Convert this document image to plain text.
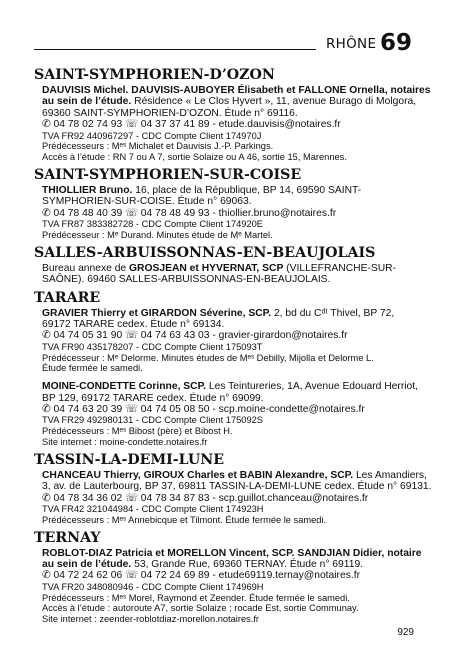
RHÔNE 69
SAINT-SYMPHORIEN-D’OZON
DAUVISIS Michel. DAUVISIS-AUBOYER Élisabeth et FALLONE Ornella, notaires
au sein de l’étude. Résidence « Le Clos Hyvert », 11, avenue Burago di Molgora,
69360 SAINT-SYMPHORIEN-D’OZON. Étude n° 69116.
✆ 04 78 02 74 93 ☏ 04 37 37 41 89 - etude.dauvisis@notaires.fr
TVA FR92 440967297 - CDC Compte Client 174970J
Prédécesseurs : Mᵉˢ Michalet et Dauvisis J.-P. Parkings.
Accès à l’étude : RN 7 ou A 7, sortie Solaize ou A 46, sortie 15, Marennes.
SAINT-SYMPHORIEN-SUR-COISE
THIOLLIER Bruno. 16, place de la République, BP 14, 69590 SAINT-
SYMPHORIEN-SUR-COISE. Étude n° 69063.
✆ 04 78 48 40 39 ☏ 04 78 48 49 93 - thiollier.bruno@notaires.fr
TVA FR87 383382728 - CDC Compte Client 174920E
Prédécesseur : Mᵉ Durand. Minutes étude de Mᵉ Martel.
SALLES-ARBUISSONNAS-EN-BEAUJOLAIS
Bureau annexe de GROSJEAN et HYVERNAT, SCP (VILLEFRANCHE-SUR-
SAÔNE). 69460 SALLES-ARBUISSONNAS-EN-BEAUJOLAIS.
TARARE
GRAVIER Thierry et GIRARDON Séverine, SCP. 2, bd du Cᵈᵗ Thivel, BP 72,
69172 TARARE cedex. Étude n° 69134.
✆ 04 74 05 31 90 ☏ 04 74 63 43 03 - gravier-girardon@notaires.fr
TVA FR90 435178207 - CDC Compte Client 175093T
Prédécesseur : Mᵉ Delorme. Minutes études de Mᵉˢ Debilly, Mijolla et Delorme L.
Étude fermée le samedi.
MOINE-CONDETTE Corinne, SCP. Les Teintureries, 1A, Avenue Edouard Herriot,
BP 129, 69172 TARARE cedex. Étude n° 69099.
✆ 04 74 63 20 39 ☏ 04 74 05 08 50 - scp.moine-condette@notaires.fr
TVA FR29 492980131 - CDC Compte Client 175092S
Prédécesseurs : Mᵉˢ Bibost (père) et Bibost H.
Site internet : moine-condette.notaires.fr
TASSIN-LA-DEMI-LUNE
CHANCEAU Thierry, GIROUX Charles et BABIN Alexandre, SCP. Les Amandiers,
3, av. de Lauterbourg, BP 37, 69811 TASSIN-LA-DEMI-LUNE cedex. Étude n° 69131.
✆ 04 78 34 36 02 ☏ 04 78 34 87 83 - scp.guillot.chanceau@notaires.fr
TVA FR42 321044984 - CDC Compte Client 174923H
Prédécesseurs : Mᵉˢ Annebicque et Tilmont. Étude fermée le samedi.
TERNAY
ROBLOT-DIAZ Patricia et MORELLON Vincent, SCP. SANDJIAN Didier, notaire
au sein de l’étude. 53, Grande Rue, 69360 TERNAY. Étude n° 69119.
✆ 04 72 24 62 06 ☏ 04 72 24 69 89 - etude69119.ternay@notaires.fr
TVA FR20 348080946 - CDC Compte Client 174969H
Prédécesseurs : Mᵉˢ Morel, Raymond et Zeender. Étude fermée le samedi.
Accès à l’étude : autoroute A7, sortie Solaize ; rocade Est, sortie Communay.
Site internet : zeender-roblotdiaz-morellon.notaires.fr
929
